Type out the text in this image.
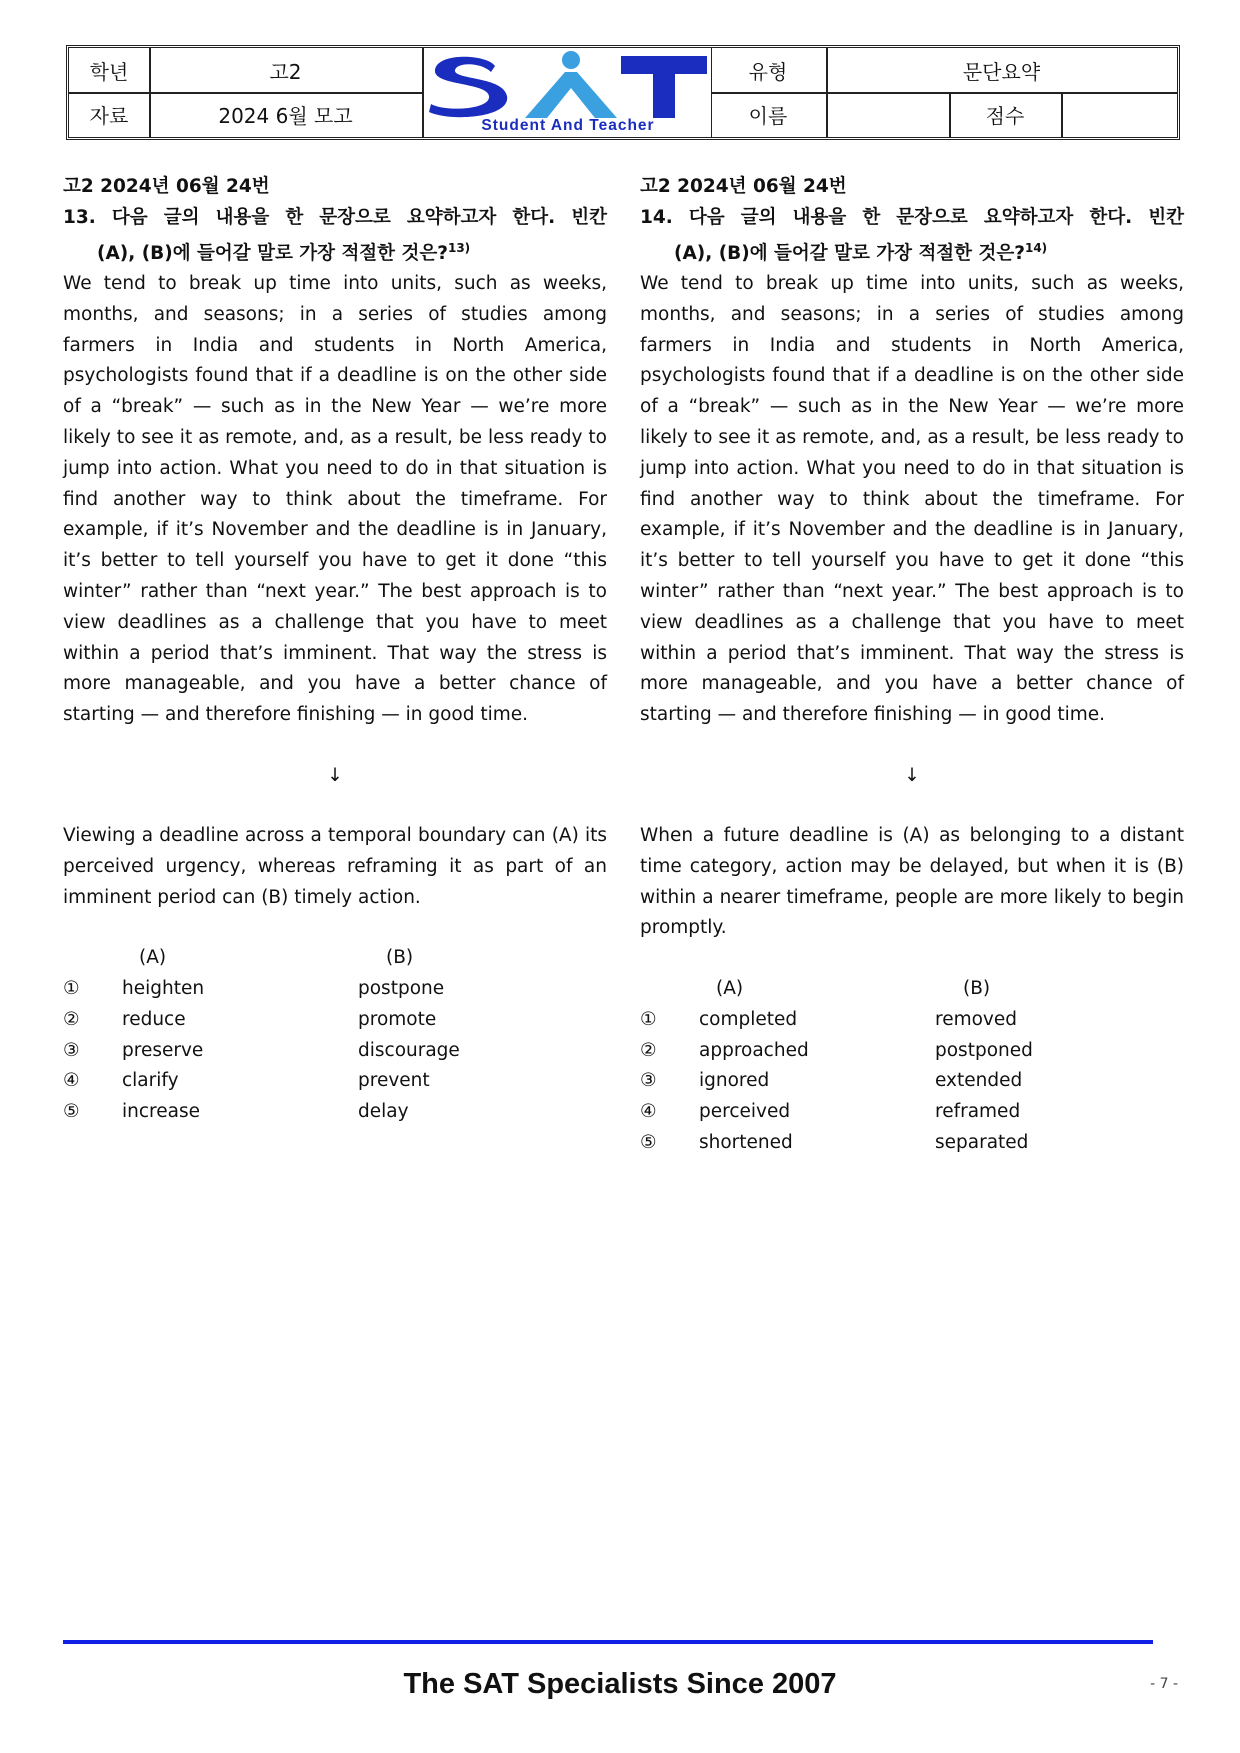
학년	고2
자료	2024 6월 모고	Student And Teacher
유형	문단요약
이름	점수
고2 2024년 06월 24번
13. 다음 글의 내용을 한 문장으로 요약하고자 한다. 빈칸
(A), (B)에 들어갈 말로 가장 적절한 것은?$^{13)}$

We tend to break up time into units, such as weeks, months, and seasons; in a series of studies among farmers in India and students in North America, psychologists found that if a deadline is on the other side of a “break” — such as in the New Year — we’re more likely to see it as remote, and, as a result, be less ready to jump into action. What you need to do in that situation is find another way to think about the timeframe. For example, if it’s November and the deadline is in January, it’s better to tell yourself you have to get it done “this winter” rather than “next year.” The best approach is to view deadlines as a challenge that you have to meet within a period that’s imminent. That way the stress is more manageable, and you have a better chance of starting — and therefore finishing — in good time.

↓

Viewing a deadline across a temporal boundary can (A) its perceived urgency, whereas reframing it as part of an imminent period can (B) timely action.

(A)	(B)
①	heighten	postpone
②	reduce	promote
③	preserve	discourage
④	clarify	prevent
⑤	increase	delay
고2 2024년 06월 24번
14. 다음 글의 내용을 한 문장으로 요약하고자 한다. 빈칸
(A), (B)에 들어갈 말로 가장 적절한 것은?$^{14)}$

We tend to break up time into units, such as weeks, months, and seasons; in a series of studies among farmers in India and students in North America, psychologists found that if a deadline is on the other side of a “break” — such as in the New Year — we’re more likely to see it as remote, and, as a result, be less ready to jump into action. What you need to do in that situation is find another way to think about the timeframe. For example, if it’s November and the deadline is in January, it’s better to tell yourself you have to get it done “this winter” rather than “next year.” The best approach is to view deadlines as a challenge that you have to meet within a period that’s imminent. That way the stress is more manageable, and you have a better chance of starting — and therefore finishing — in good time.

↓

When a future deadline is (A) as belonging to a distant time category, action may be delayed, but when it is (B) within a nearer timeframe, people are more likely to begin promptly.

(A)	(B)
①	completed	removed
②	approached	postponed
③	ignored	extended
④	perceived	reframed
⑤	shortened	separated
The SAT Specialists Since 2007	- 7 -
